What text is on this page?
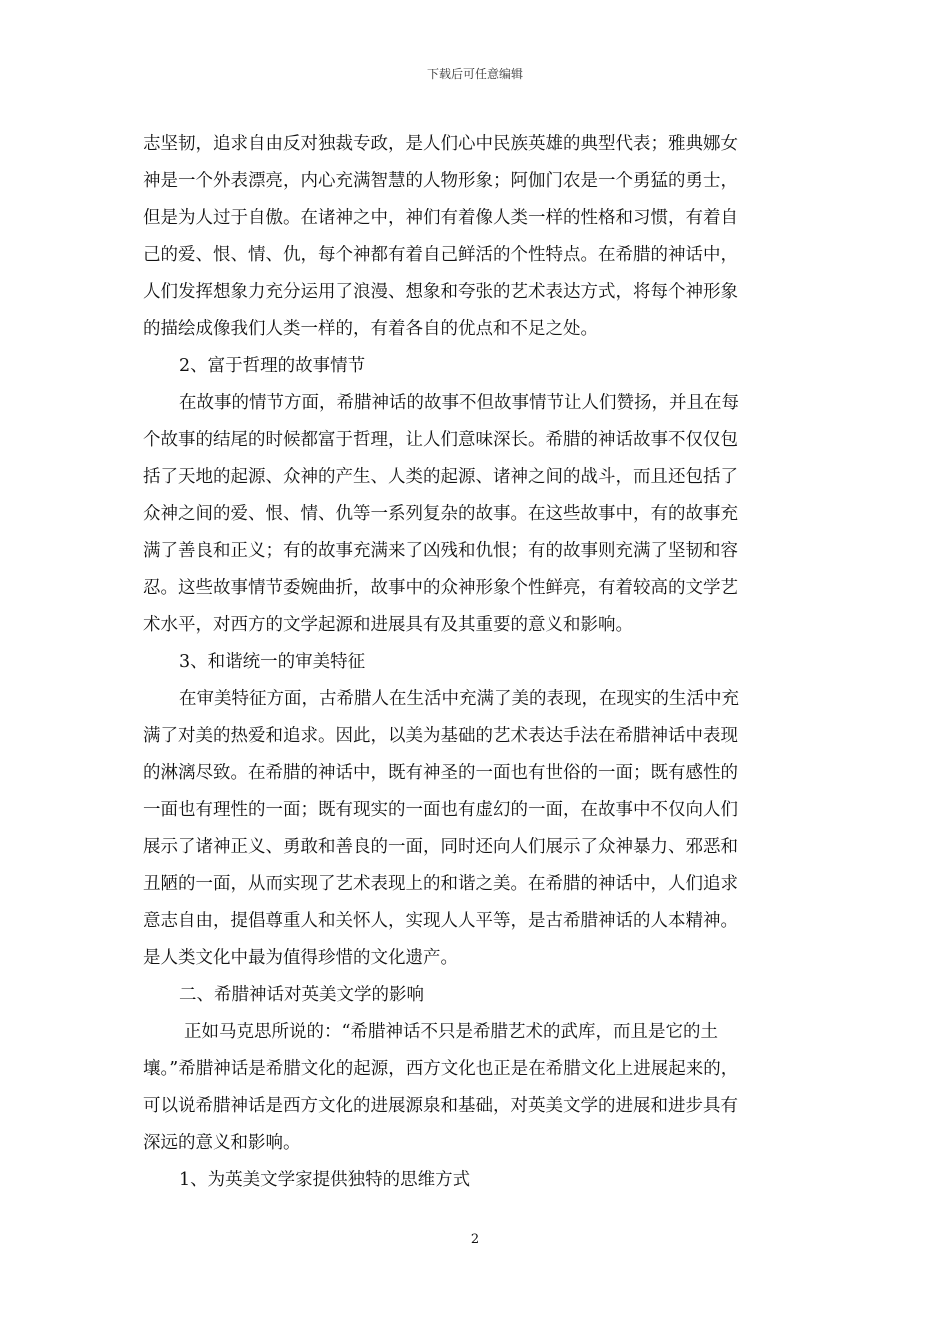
下载后可任意编辑
志坚韧，追求自由反对独裁专政，是人们心中民族英雄的典型代表；雅典娜女
神是一个外表漂亮，内心充满智慧的人物形象；阿伽门农是一个勇猛的勇士，
但是为人过于自傲。在诸神之中，神们有着像人类一样的性格和习惯，有着自
己的爱、恨、情、仇，每个神都有着自己鲜活的个性特点。在希腊的神话中，
人们发挥想象力充分运用了浪漫、想象和夸张的艺术表达方式，将每个神形象
的描绘成像我们人类一样的，有着各自的优点和不足之处。
2、富于哲理的故事情节
在故事的情节方面，希腊神话的故事不但故事情节让人们赞扬，并且在每
个故事的结尾的时候都富于哲理，让人们意味深长。希腊的神话故事不仅仅包
括了天地的起源、众神的产生、人类的起源、诸神之间的战斗，而且还包括了
众神之间的爱、恨、情、仇等一系列复杂的故事。在这些故事中，有的故事充
满了善良和正义；有的故事充满来了凶残和仇恨；有的故事则充满了坚韧和容
忍。这些故事情节委婉曲折，故事中的众神形象个性鲜亮，有着较高的文学艺
术水平，对西方的文学起源和进展具有及其重要的意义和影响。
3、和谐统一的审美特征
在审美特征方面，古希腊人在生活中充满了美的表现，在现实的生活中充
满了对美的热爱和追求。因此，以美为基础的艺术表达手法在希腊神话中表现
的淋漓尽致。在希腊的神话中，既有神圣的一面也有世俗的一面；既有感性的
一面也有理性的一面；既有现实的一面也有虚幻的一面，在故事中不仅向人们
展示了诸神正义、勇敢和善良的一面，同时还向人们展示了众神暴力、邪恶和
丑陋的一面，从而实现了艺术表现上的和谐之美。在希腊的神话中，人们追求
意志自由，提倡尊重人和关怀人，实现人人平等，是古希腊神话的人本精神。
是人类文化中最为值得珍惜的文化遗产。
二、希腊神话对英美文学的影响
正如马克思所说的：“希腊神话不只是希腊艺术的武库，而且是它的土
壤。”希腊神话是希腊文化的起源，西方文化也正是在希腊文化上进展起来的，
可以说希腊神话是西方文化的进展源泉和基础，对英美文学的进展和进步具有
深远的意义和影响。
1、为英美文学家提供独特的思维方式
2
